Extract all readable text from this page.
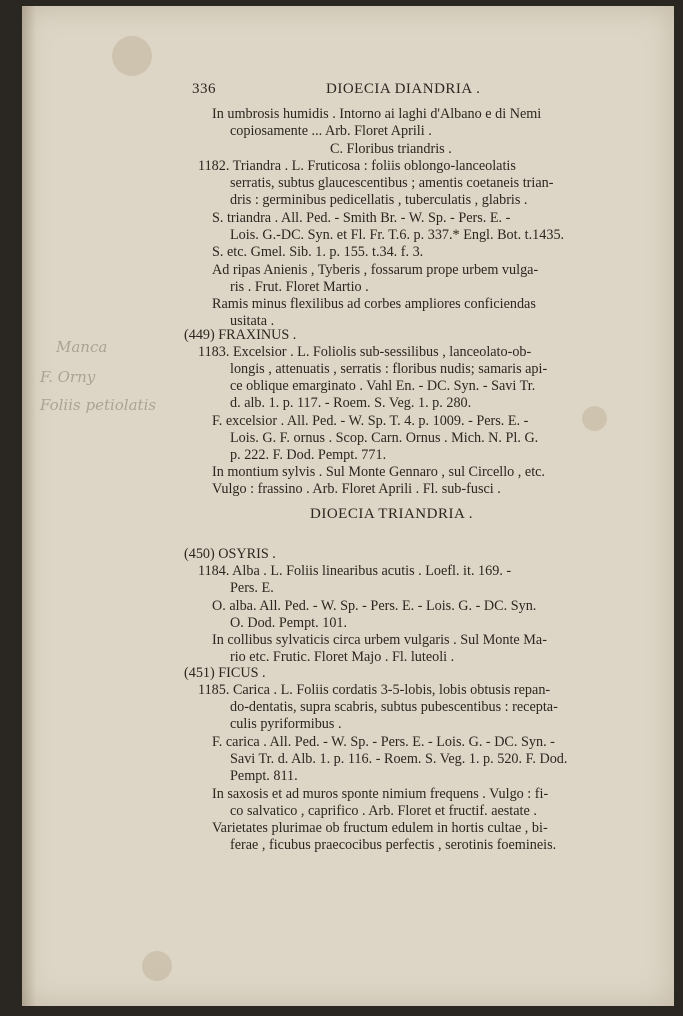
336	DIOECIA DIANDRIA .
Manca
F. Orny
Foliis petiolatis
In umbrosis humidis . Intorno ai laghi d'Albano e di Nemi
copiosamente ... Arb. Floret Aprili .
C. Floribus triandris .
1182. Triandra . L. Fruticosa : foliis oblongo-lanceolatis
serratis, subtus glaucescentibus ; amentis coetaneis trian-
dris : germinibus pedicellatis , tuberculatis , glabris .
S. triandra . All. Ped. - Smith Br. - W. Sp. - Pers. E. -
Lois. G.-DC. Syn. et Fl. Fr. T.6. p. 337.* Engl. Bot. t.1435.
S. etc. Gmel. Sib. 1. p. 155. t.34. f. 3.
Ad ripas Anienis , Tyberis , fossarum prope urbem vulga-
ris . Frut. Floret Martio .
Ramis minus flexilibus ad corbes ampliores conficiendas
usitata .
(449) FRAXINUS .
1183. Excelsior . L. Foliolis sub-sessilibus , lanceolato-ob-
longis , attenuatis , serratis : floribus nudis; samaris api-
ce oblique emarginato . Vahl En. - DC. Syn. - Savi Tr.
d. alb. 1. p. 117. - Roem. S. Veg. 1. p. 280.
F. excelsior . All. Ped. - W. Sp. T. 4. p. 1009. - Pers. E. -
Lois. G. F. ornus . Scop. Carn. Ornus . Mich. N. Pl. G.
p. 222. F. Dod. Pempt. 771.
In montium sylvis . Sul Monte Gennaro , sul Circello , etc.
Vulgo : frassino . Arb. Floret Aprili . Fl. sub-fusci .
DIOECIA TRIANDRIA .
(450) OSYRIS .
1184. Alba . L. Foliis linearibus acutis . Loefl. it. 169. -
Pers. E.
O. alba. All. Ped. - W. Sp. - Pers. E. - Lois. G. - DC. Syn.
O. Dod. Pempt. 101.
In collibus sylvaticis circa urbem vulgaris . Sul Monte Ma-
rio etc. Frutic. Floret Majo . Fl. luteoli .
(451) FICUS .
1185. Carica . L. Foliis cordatis 3-5-lobis, lobis obtusis repan-
do-dentatis, supra scabris, subtus pubescentibus : recepta-
culis pyriformibus .
F. carica . All. Ped. - W. Sp. - Pers. E. - Lois. G. - DC. Syn. -
Savi Tr. d. Alb. 1. p. 116. - Roem. S. Veg. 1. p. 520. F. Dod.
Pempt. 811.
In saxosis et ad muros sponte nimium frequens . Vulgo : fi-
co salvatico , caprifico . Arb. Floret et fructif. aestate .
Varietates plurimae ob fructum edulem in hortis cultae , bi-
ferae , ficubus praecocibus perfectis , serotinis foemineis.
